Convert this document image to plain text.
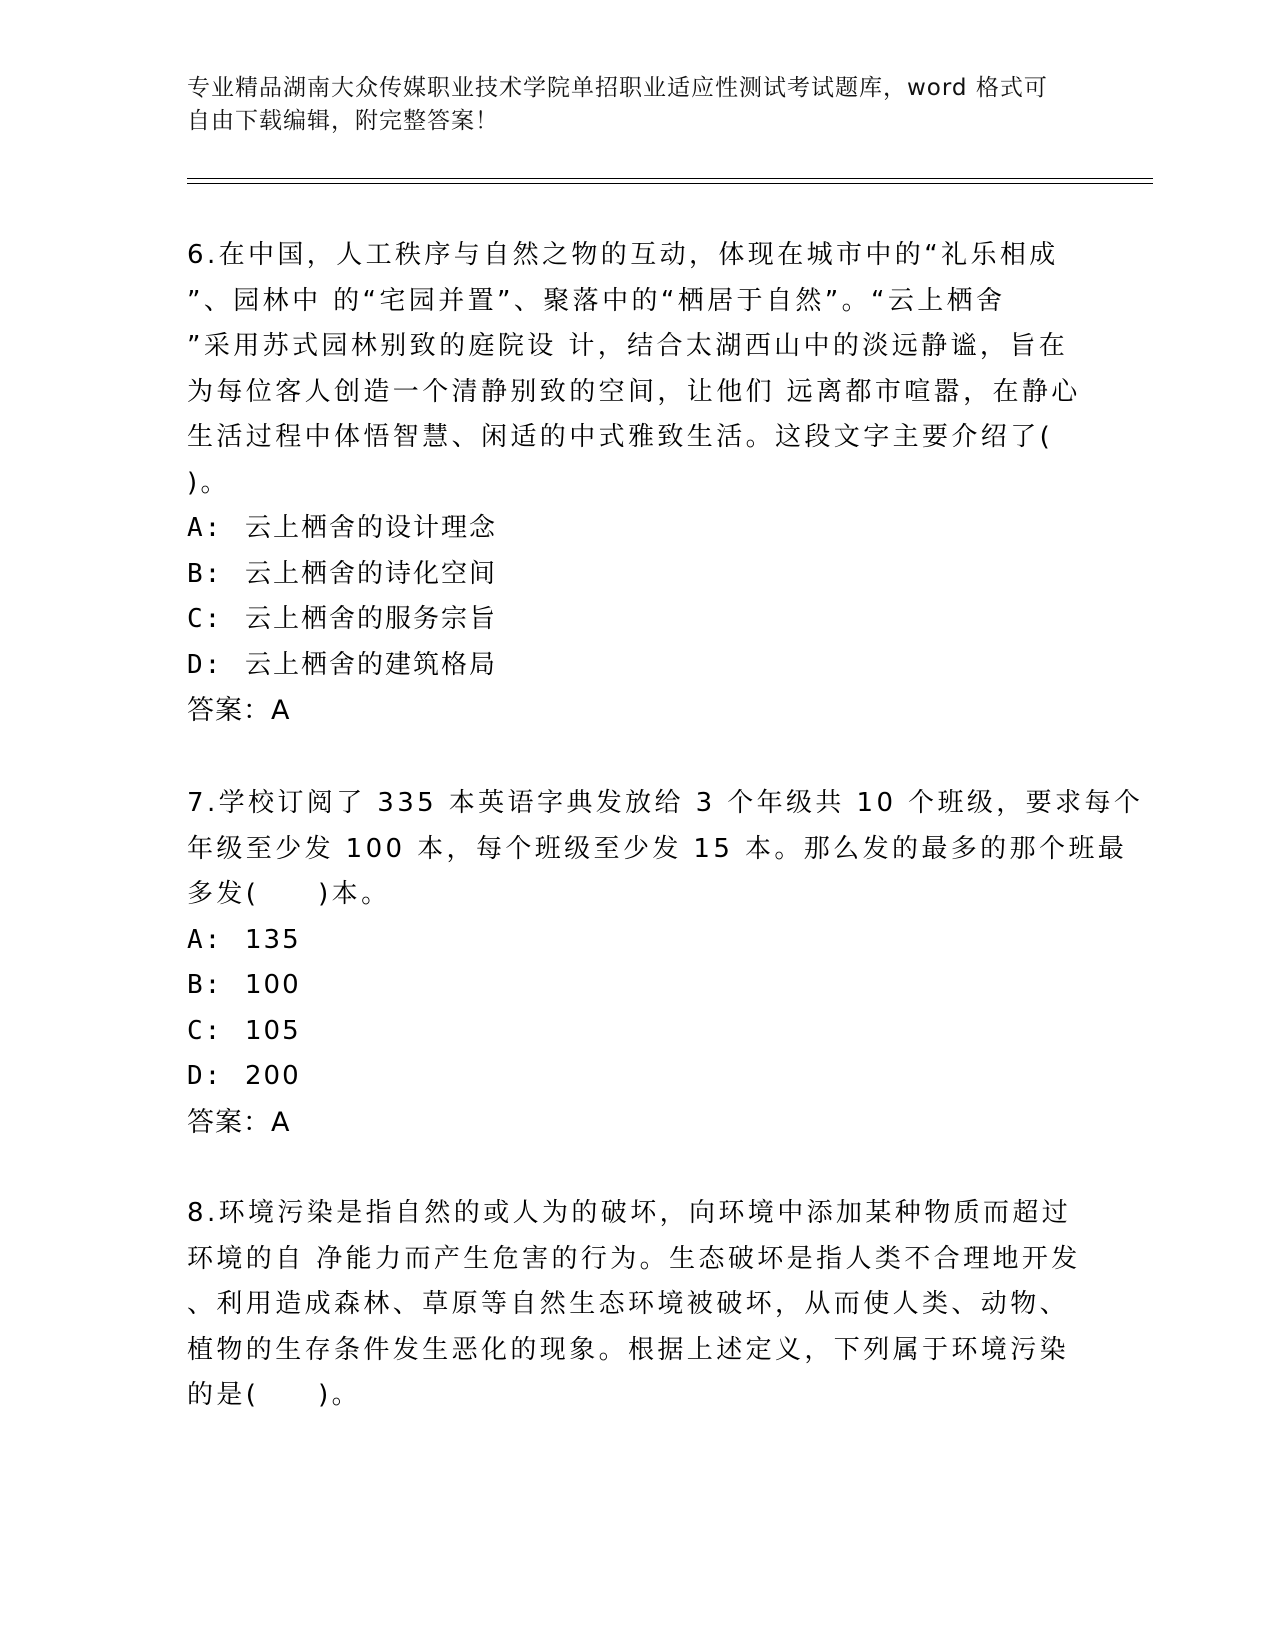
专业精品湖南大众传媒职业技术学院单招职业适应性测试考试题库，word 格式可
自由下载编辑，附完整答案！

6.在中国，人工秩序与自然之物的互动，体现在城市中的“礼乐相成
”、园林中 的“宅园并置”、聚落中的“栖居于自然”。“云上栖舍
”采用苏式园林别致的庭院设 计，结合太湖西山中的淡远静谧，旨在
为每位客人创造一个清静别致的空间，让他们 远离都市喧嚣，在静心
生活过程中体悟智慧、闲适的中式雅致生活。这段文字主要介绍了(
)。

A: 云上栖舍的设计理念
B: 云上栖舍的诗化空间
C: 云上栖舍的服务宗旨
D: 云上栖舍的建筑格局
答案：A

7.学校订阅了 335 本英语字典发放给 3 个年级共 10 个班级，要求每个
年级至少发 100 本，每个班级至少发 15 本。那么发的最多的那个班最
多发(　　)本。

A: 135
B: 100
C: 105
D: 200
答案：A

8.环境污染是指自然的或人为的破坏，向环境中添加某种物质而超过
环境的自 净能力而产生危害的行为。生态破坏是指人类不合理地开发
、利用造成森林、草原等自然生态环境被破坏，从而使人类、动物、
植物的生存条件发生恶化的现象。根据上述定义，下列属于环境污染
的是(　　)。
